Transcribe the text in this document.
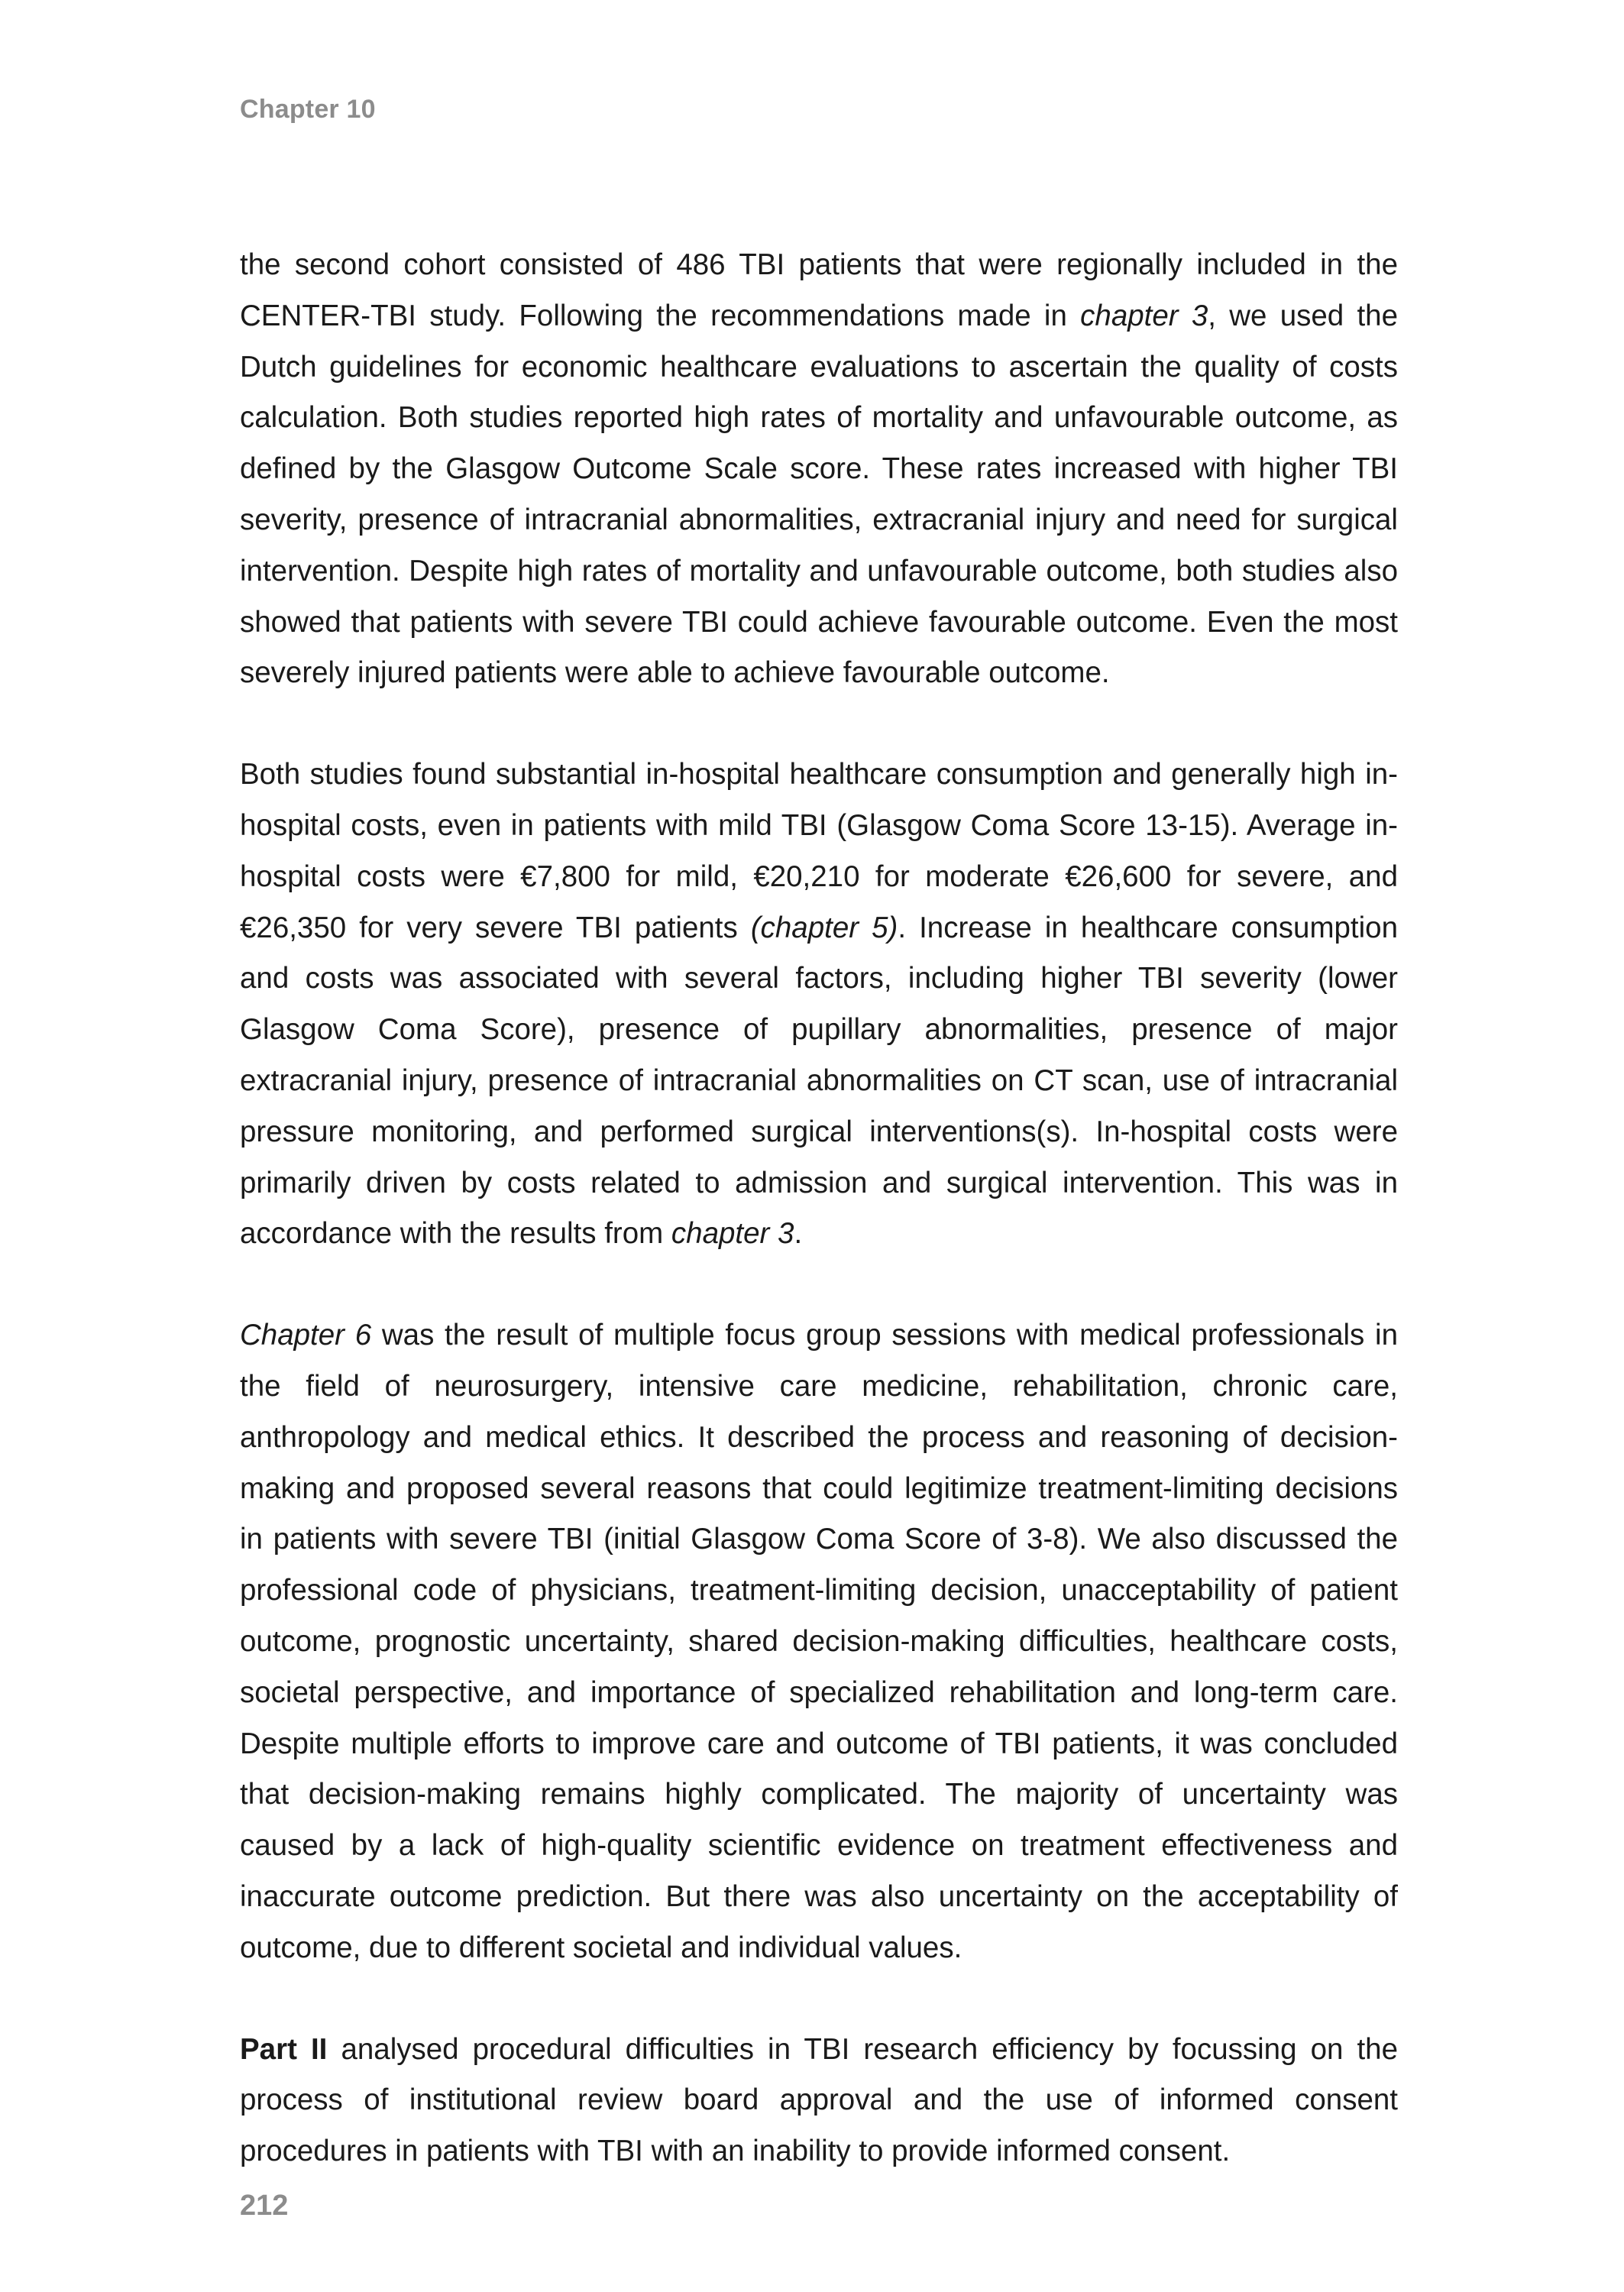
Chapter 10

the second cohort consisted of 486 TBI patients that were regionally included in the CENTER-TBI study. Following the recommendations made in chapter 3, we used the Dutch guidelines for economic healthcare evaluations to ascertain the quality of costs calculation. Both studies reported high rates of mortality and unfavourable outcome, as defined by the Glasgow Outcome Scale score. These rates increased with higher TBI severity, presence of intracranial abnormalities, extracranial injury and need for surgical intervention. Despite high rates of mortality and unfavourable outcome, both studies also showed that patients with severe TBI could achieve favourable outcome. Even the most severely injured patients were able to achieve favourable outcome.

Both studies found substantial in-hospital healthcare consumption and generally high in-hospital costs, even in patients with mild TBI (Glasgow Coma Score 13-15). Average in-hospital costs were €7,800 for mild, €20,210 for moderate €26,600 for severe, and €26,350 for very severe TBI patients (chapter 5). Increase in healthcare consumption and costs was associated with several factors, including higher TBI severity (lower Glasgow Coma Score), presence of pupillary abnormalities, presence of major extracranial injury, presence of intracranial abnormalities on CT scan, use of intracranial pressure monitoring, and performed surgical interventions(s). In-hospital costs were primarily driven by costs related to admission and surgical intervention. This was in accordance with the results from chapter 3.

Chapter 6 was the result of multiple focus group sessions with medical professionals in the field of neurosurgery, intensive care medicine, rehabilitation, chronic care, anthropology and medical ethics. It described the process and reasoning of decision-making and proposed several reasons that could legitimize treatment-limiting decisions in patients with severe TBI (initial Glasgow Coma Score of 3-8). We also discussed the professional code of physicians, treatment-limiting decision, unacceptability of patient outcome, prognostic uncertainty, shared decision-making difficulties, healthcare costs, societal perspective, and importance of specialized rehabilitation and long-term care. Despite multiple efforts to improve care and outcome of TBI patients, it was concluded that decision-making remains highly complicated. The majority of uncertainty was caused by a lack of high-quality scientific evidence on treatment effectiveness and inaccurate outcome prediction. But there was also uncertainty on the acceptability of outcome, due to different societal and individual values.

Part II analysed procedural difficulties in TBI research efficiency by focussing on the process of institutional review board approval and the use of informed consent procedures in patients with TBI with an inability to provide informed consent.

212
